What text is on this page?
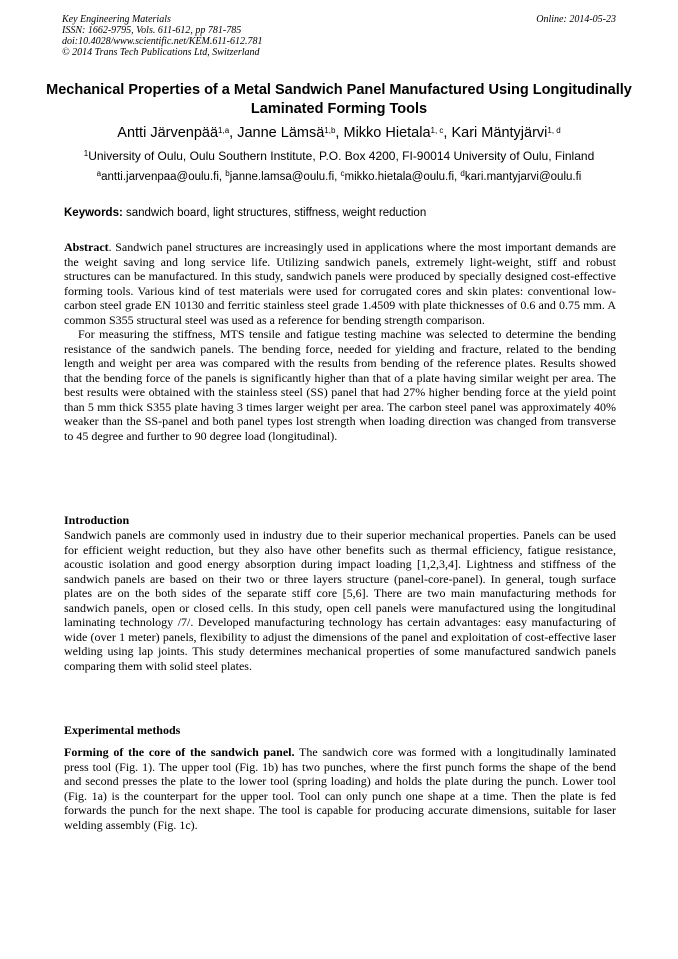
Key Engineering Materials
ISSN: 1662-9795, Vols. 611-612, pp 781-785
doi:10.4028/www.scientific.net/KEM.611-612.781
© 2014 Trans Tech Publications Ltd, Switzerland
Online: 2014-05-23
Mechanical Properties of a Metal Sandwich Panel Manufactured Using Longitudinally Laminated Forming Tools
Antti Järvenpää$^{1,a}$, Janne Lämsä$^{1,b}$, Mikko Hietala$^{1, c}$, Kari Mäntyjärvi$^{1, d}$
$^1$University of Oulu, Oulu Southern Institute, P.O. Box 4200, FI-90014 University of Oulu, Finland
$^a$antti.jarvenpaa@oulu.fi, $^b$janne.lamsa@oulu.fi, $^c$mikko.hietala@oulu.fi, $^d$kari.mantyjarvi@oulu.fi
Keywords: sandwich board, light structures, stiffness, weight reduction

Abstract. Sandwich panel structures are increasingly used in applications where the most important demands are the weight saving and long service life. Utilizing sandwich panels, extremely light-weight, stiff and robust structures can be manufactured. In this study, sandwich panels were produced by specially designed cost-effective forming tools. Various kind of test materials were used for corrugated cores and skin plates: conventional low-carbon steel grade EN 10130 and ferritic stainless steel grade 1.4509 with plate thicknesses of 0.6 and 0.75 mm. A common S355 structural steel was used as a reference for bending strength comparison.

For measuring the stiffness, MTS tensile and fatigue testing machine was selected to determine the bending resistance of the sandwich panels. The bending force, needed for yielding and fracture, related to the bending length and weight per area was compared with the results from bending of the reference plates. Results showed that the bending force of the panels is significantly higher than that of a plate having similar weight per area. The best results were obtained with the stainless steel (SS) panel that had 27% higher bending force at the yield point than 5 mm thick S355 plate having 3 times larger weight per area. The carbon steel panel was approximately 40% weaker than the SS-panel and both panel types lost strength when loading direction was changed from transverse to 45 degree and further to 90 degree load (longitudinal).

Introduction
Sandwich panels are commonly used in industry due to their superior mechanical properties. Panels can be used for efficient weight reduction, but they also have other benefits such as thermal efficiency, fatigue resistance, acoustic isolation and good energy absorption during impact loading [1,2,3,4]. Lightness and stiffness of the sandwich panels are based on their two or three layers structure (panel-core-panel). In general, tough surface plates are on the both sides of the separate stiff core [5,6]. There are two main manufacturing methods for sandwich panels, open or closed cells. In this study, open cell panels were manufactured using the longitudinal laminating technology /7/. Developed manufacturing technology has certain advantages: easy manufacturing of wide (over 1 meter) panels, flexibility to adjust the dimensions of the panel and exploitation of cost-effective laser welding using lap joints. This study determines mechanical properties of some manufactured sandwich panels comparing them with solid steel plates.
Experimental methods

Forming of the core of the sandwich panel. The sandwich core was formed with a longitudinally laminated press tool (Fig. 1). The upper tool (Fig. 1b) has two punches, where the first punch forms the shape of the bend and second presses the plate to the lower tool (spring loading) and holds the plate during the punch. Lower tool (Fig. 1a) is the counterpart for the upper tool. Tool can only punch one shape at a time. Then the plate is fed forwards the punch for the next shape. The tool is capable for producing accurate dimensions, suitable for laser welding assembly (Fig. 1c).
